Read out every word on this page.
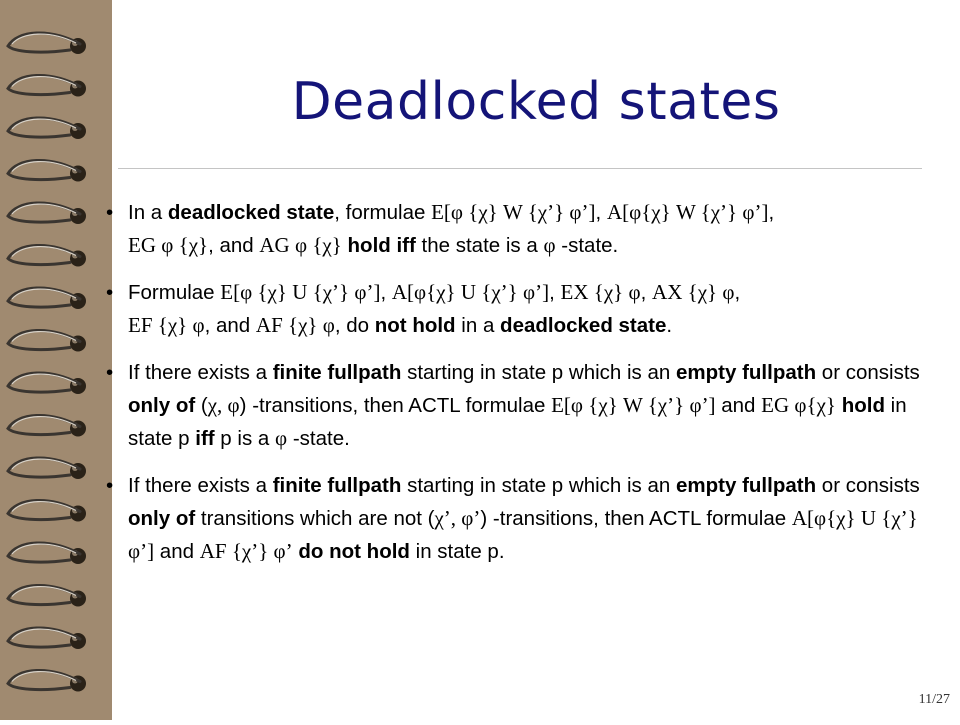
Deadlocked states
• In a deadlocked state, formulae E[φ {χ} W {χ’} φ’], A[φ{χ} W {χ’} φ’],
EG φ {χ}, and AG φ {χ} hold iff the state is a φ -state.
• Formulae E[φ {χ} U {χ’} φ’], A[φ{χ} U {χ’} φ’], EX {χ} φ, AX {χ} φ,
EF {χ} φ, and AF {χ} φ, do not hold in a deadlocked state.
• If there exists a finite fullpath starting in state p which is an empty fullpath or consists only of (χ, φ) -transitions, then ACTL formulae E[φ {χ} W {χ’} φ’] and EG φ{χ} hold in state p iff p is a φ -state.
• If there exists a finite fullpath starting in state p which is an empty fullpath or consists only of transitions which are not (χ’, φ’) -transitions, then ACTL formulae A[φ{χ} U {χ’} φ’] and AF {χ’} φ’ do not hold in state p.
11/27
